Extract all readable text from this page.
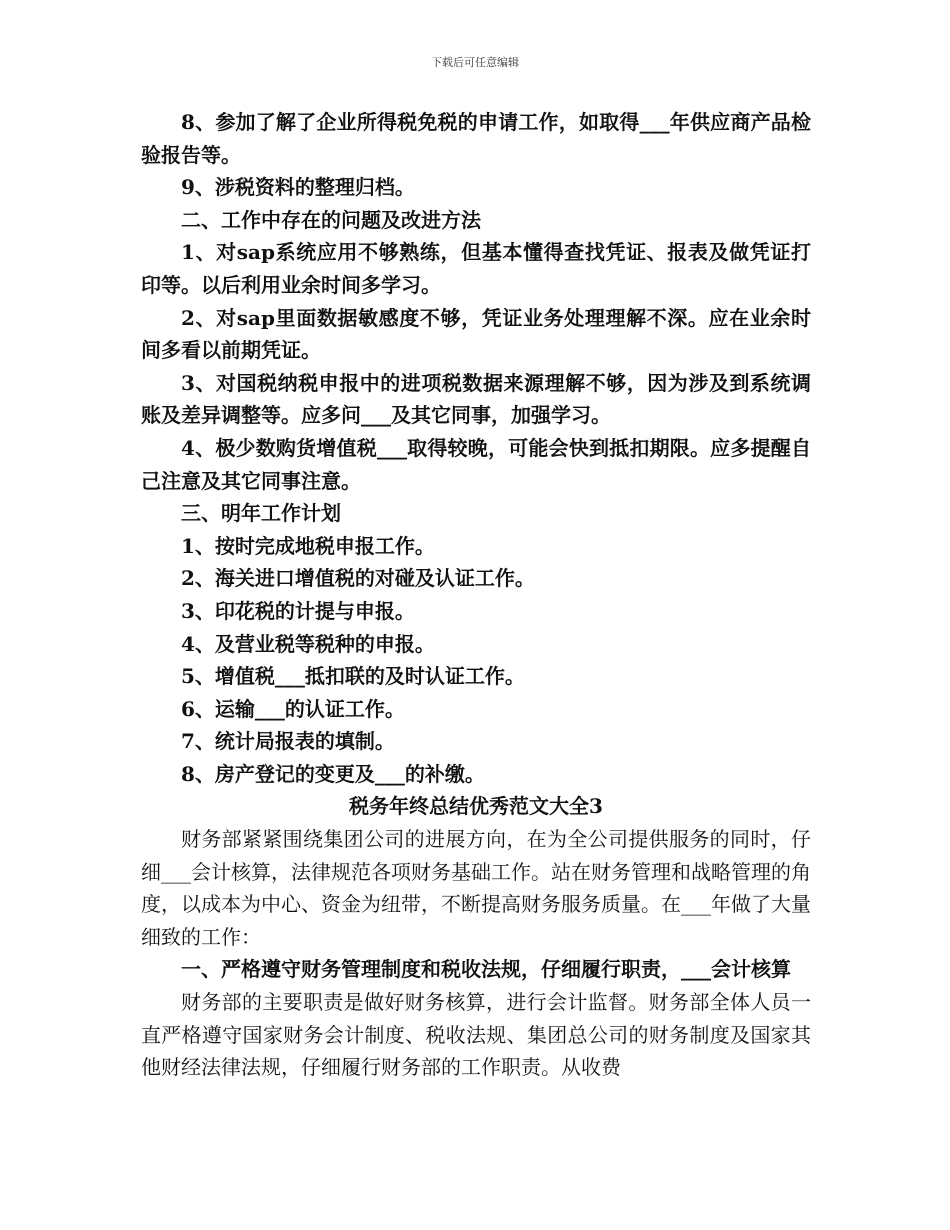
下载后可任意编辑

8、参加了解了企业所得税免税的申请工作，如取得___年供应商产品检验报告等。

9、涉税资料的整理归档。

二、工作中存在的问题及改进方法

1、对sap系统应用不够熟练，但基本懂得查找凭证、报表及做凭证打印等。以后利用业余时间多学习。

2、对sap里面数据敏感度不够，凭证业务处理理解不深。应在业余时间多看以前期凭证。

3、对国税纳税申报中的进项税数据来源理解不够，因为涉及到系统调账及差异调整等。应多问___及其它同事，加强学习。

4、极少数购货增值税___取得较晚，可能会快到抵扣期限。应多提醒自己注意及其它同事注意。

三、明年工作计划

1、按时完成地税申报工作。

2、海关进口增值税的对碰及认证工作。

3、印花税的计提与申报。

4、及营业税等税种的申报。

5、增值税___抵扣联的及时认证工作。

6、运输___的认证工作。

7、统计局报表的填制。

8、房产登记的变更及___的补缴。

税务年终总结优秀范文大全3

财务部紧紧围绕集团公司的进展方向，在为全公司提供服务的同时，仔细___会计核算，法律规范各项财务基础工作。站在财务管理和战略管理的角度，以成本为中心、资金为纽带，不断提高财务服务质量。在___年做了大量细致的工作：

一、严格遵守财务管理制度和税收法规，仔细履行职责，___会计核算

财务部的主要职责是做好财务核算，进行会计监督。财务部全体人员一直严格遵守国家财务会计制度、税收法规、集团总公司的财务制度及国家其他财经法律法规，仔细履行财务部的工作职责。从收费
